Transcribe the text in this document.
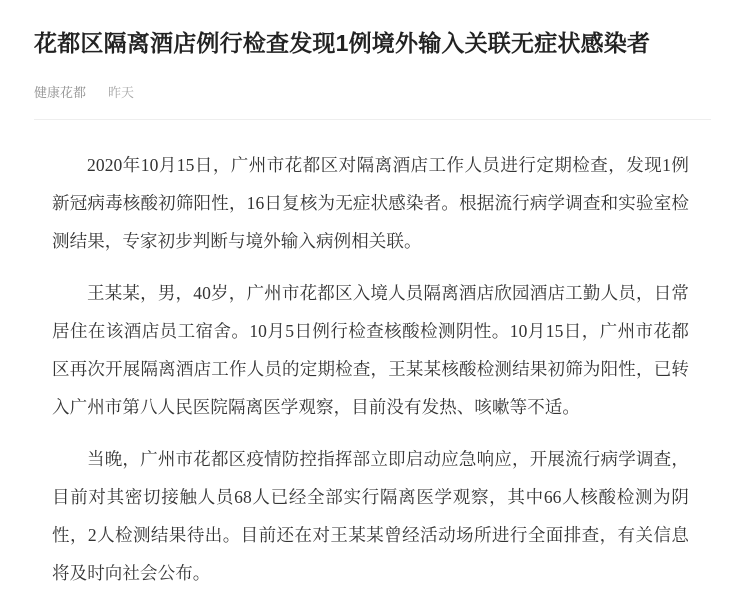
花都区隔离酒店例行检查发现1例境外输入关联无症状感染者
健康花都 昨天

2020年10月15日，广州市花都区对隔离酒店工作人员进行定期检查，发现1例新冠病毒核酸初筛阳性，16日复核为无症状感染者。根据流行病学调查和实验室检测结果，专家初步判断与境外输入病例相关联。

王某某，男，40岁，广州市花都区入境人员隔离酒店欣园酒店工勤人员，日常居住在该酒店员工宿舍。10月5日例行检查核酸检测阴性。10月15日，广州市花都区再次开展隔离酒店工作人员的定期检查，王某某核酸检测结果初筛为阳性，已转入广州市第八人民医院隔离医学观察，目前没有发热、咳嗽等不适。

当晚，广州市花都区疫情防控指挥部立即启动应急响应，开展流行病学调查，目前对其密切接触人员68人已经全部实行隔离医学观察，其中66人核酸检测为阴性，2人检测结果待出。目前还在对王某某曾经活动场所进行全面排查，有关信息将及时向社会公布。
